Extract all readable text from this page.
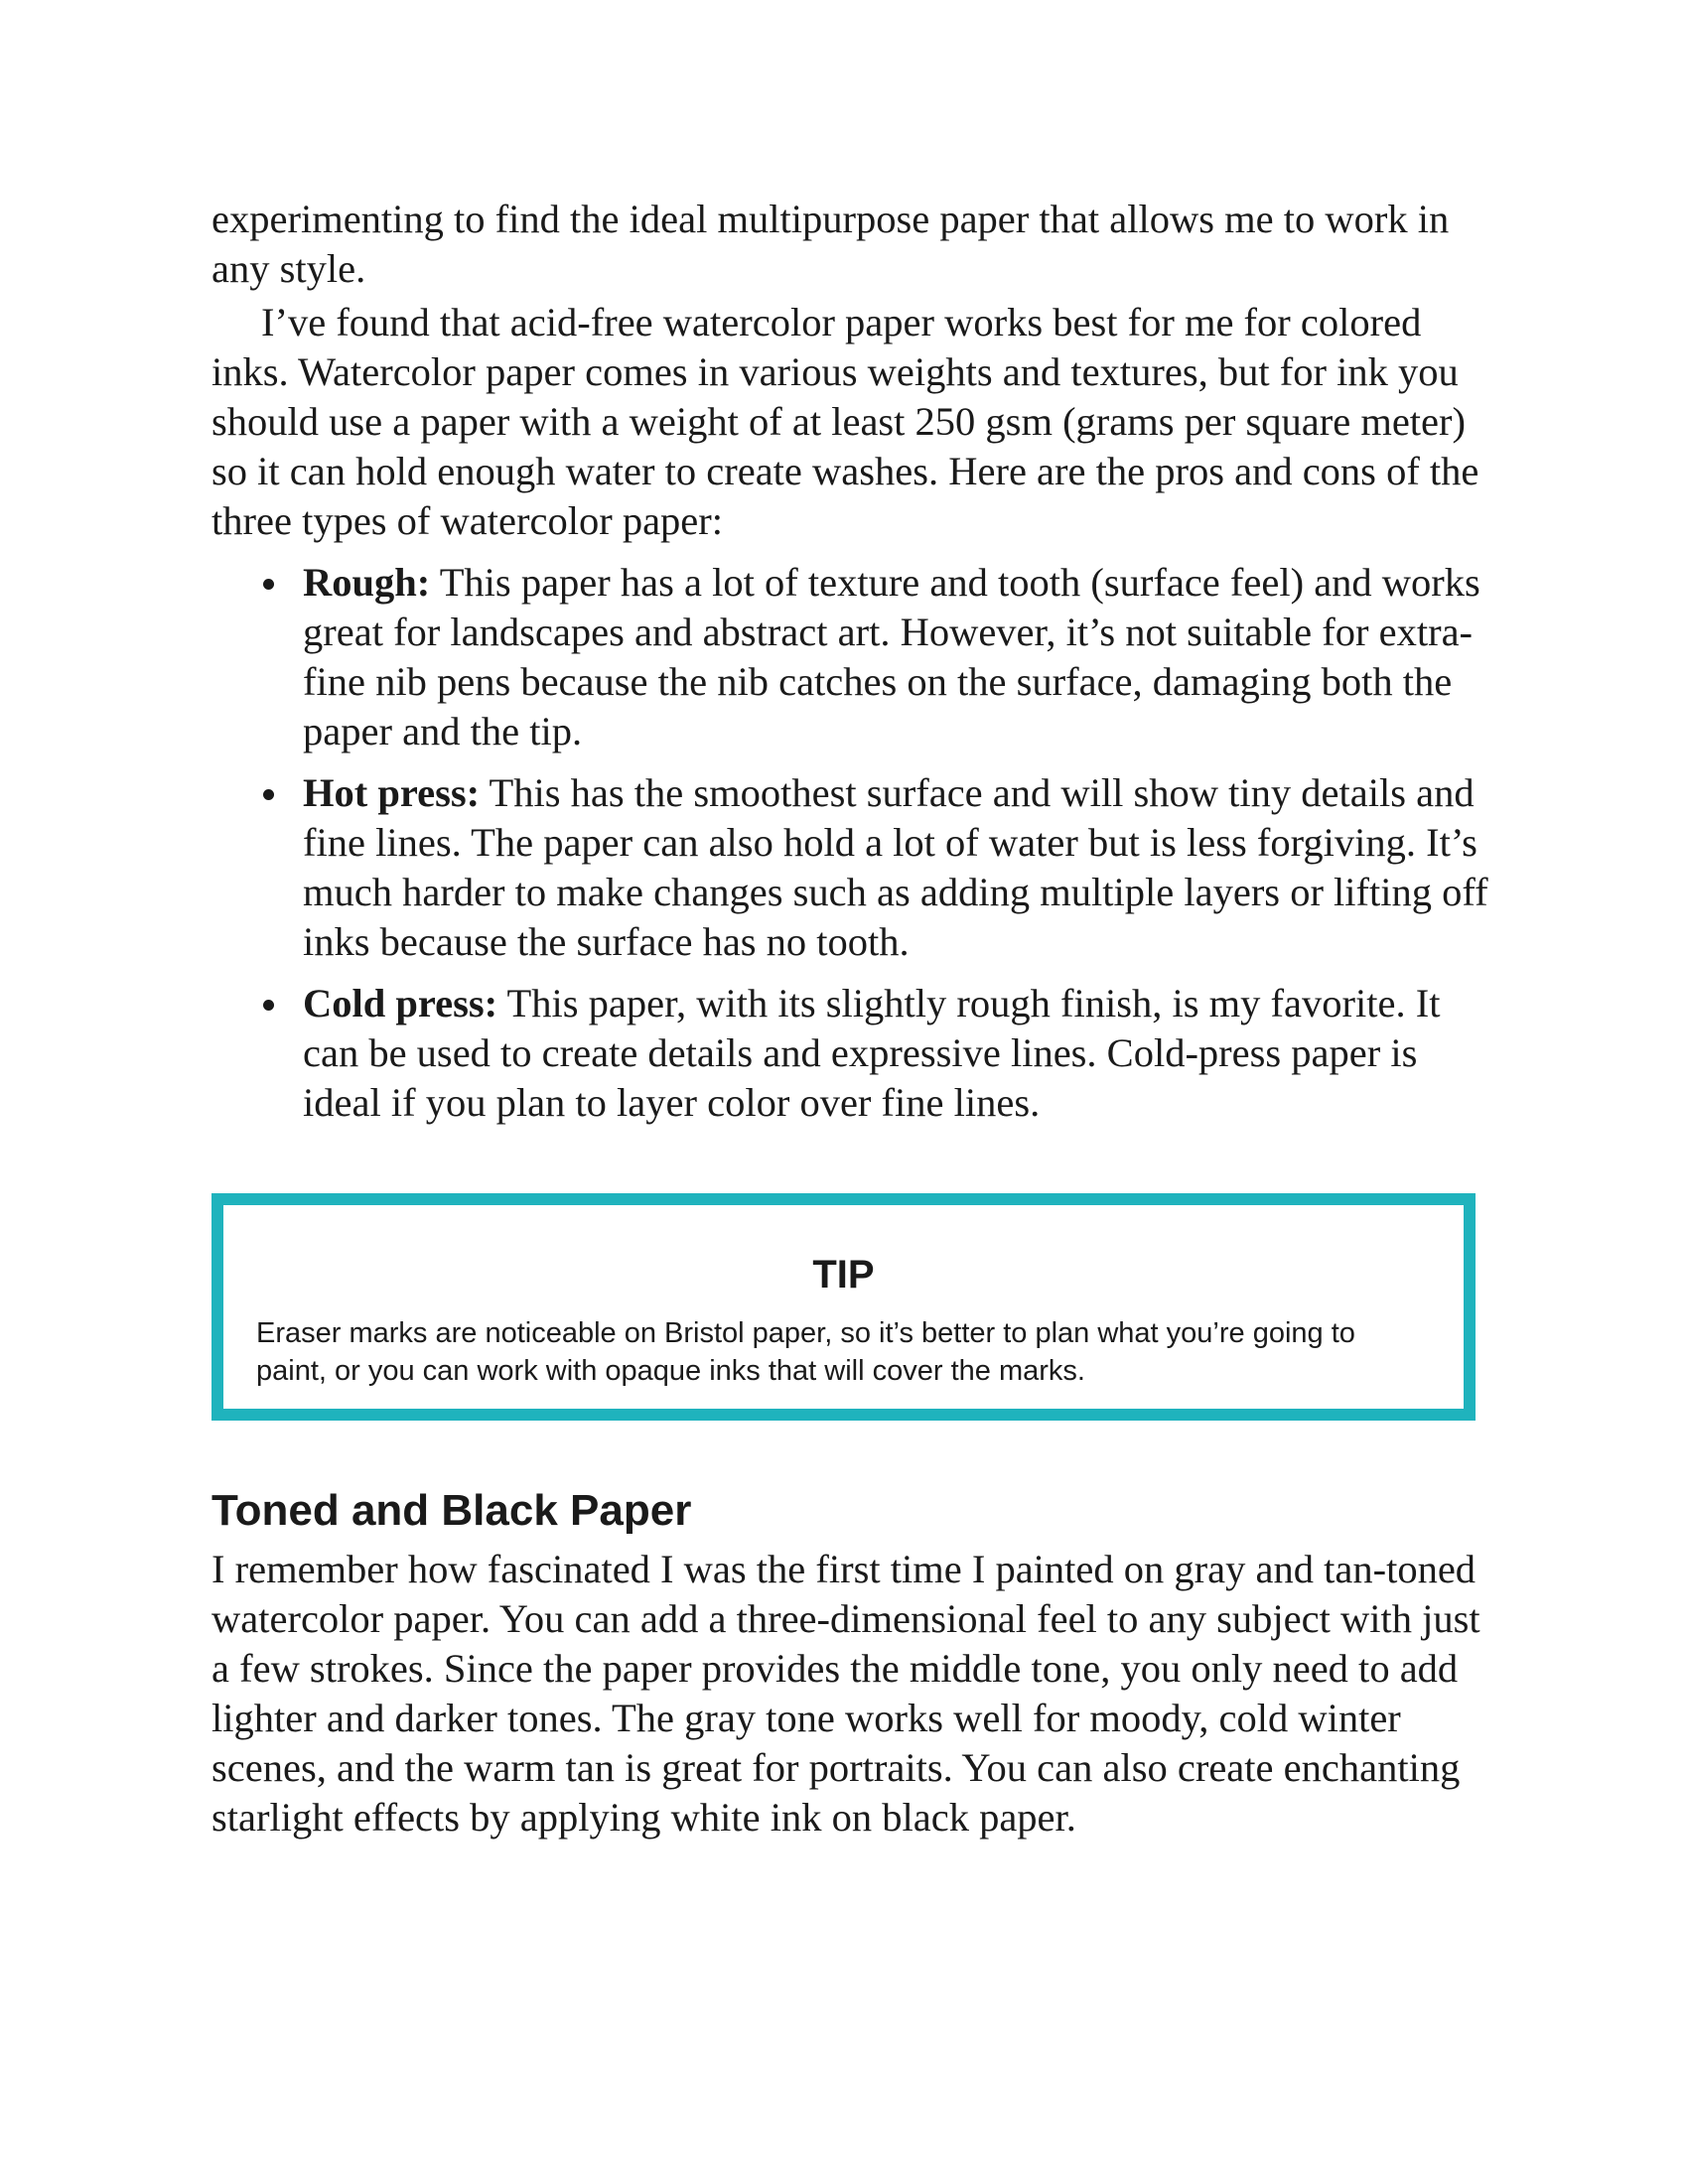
experimenting to find the ideal multipurpose paper that allows me to work in any style.

I’ve found that acid-free watercolor paper works best for me for colored inks. Watercolor paper comes in various weights and textures, but for ink you should use a paper with a weight of at least 250 gsm (grams per square meter) so it can hold enough water to create washes. Here are the pros and cons of the three types of watercolor paper:

Rough: This paper has a lot of texture and tooth (surface feel) and works great for landscapes and abstract art. However, it’s not suitable for extra-fine nib pens because the nib catches on the surface, damaging both the paper and the tip.
Hot press: This has the smoothest surface and will show tiny details and fine lines. The paper can also hold a lot of water but is less forgiving. It’s much harder to make changes such as adding multiple layers or lifting off inks because the surface has no tooth.
Cold press: This paper, with its slightly rough finish, is my favorite. It can be used to create details and expressive lines. Cold-press paper is ideal if you plan to layer color over fine lines.
TIP
Eraser marks are noticeable on Bristol paper, so it’s better to plan what you’re going to paint, or you can work with opaque inks that will cover the marks.
Toned and Black Paper

I remember how fascinated I was the first time I painted on gray and tan-toned watercolor paper. You can add a three-dimensional feel to any subject with just a few strokes. Since the paper provides the middle tone, you only need to add lighter and darker tones. The gray tone works well for moody, cold winter scenes, and the warm tan is great for portraits. You can also create enchanting starlight effects by applying white ink on black paper.
